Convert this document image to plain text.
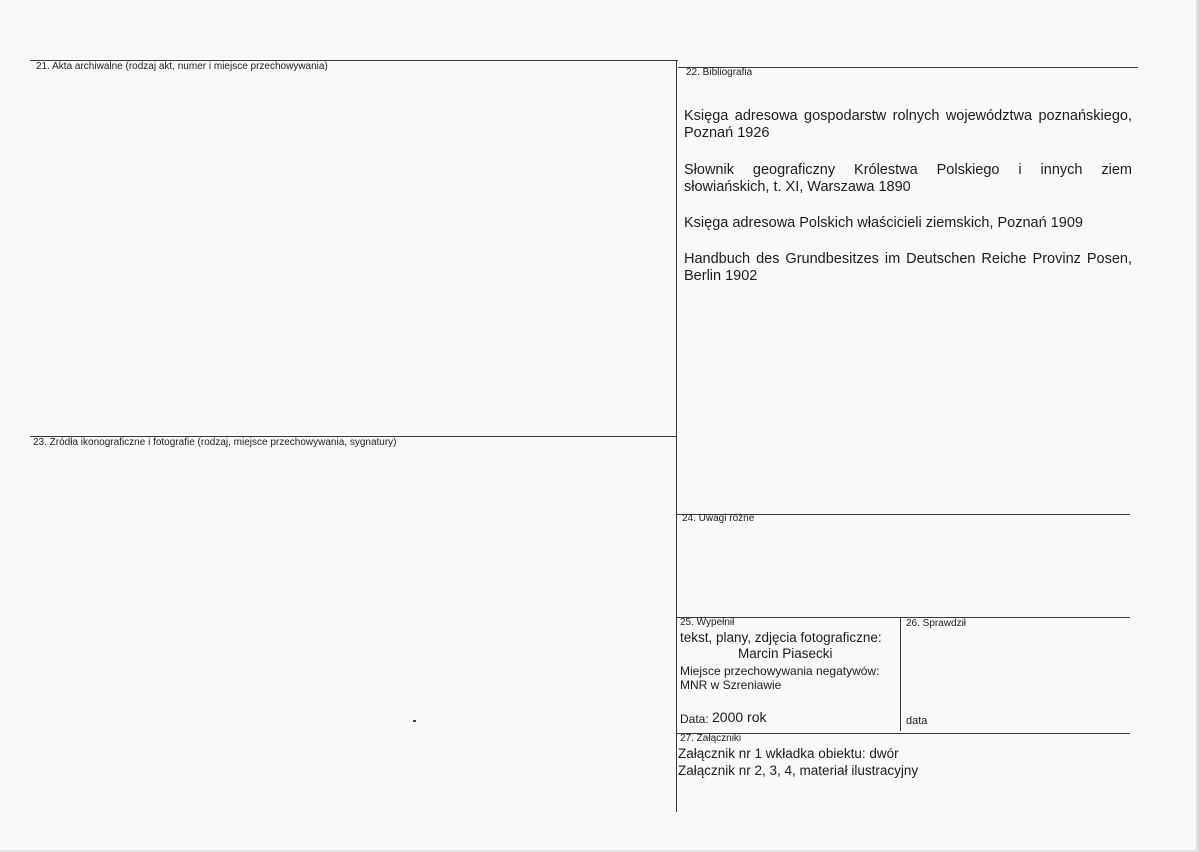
21. Akta archiwalne (rodzaj akt, numer i miejsce przechowywania)
22. Bibliografia
Księga adresowa gospodarstw rolnych województwa poznańskiego, Poznań 1926
Słownik geograficzny Królestwa Polskiego i innych ziem słowiańskich, t. XI, Warszawa 1890
Księga adresowa Polskich właścicieli ziemskich, Poznań 1909
Handbuch des Grundbesitzes im Deutschen Reiche Provinz Posen, Berlin 1902
23. Źródła ikonograficzne i fotografie (rodzaj, miejsce przechowywania, sygnatury)
24. Uwagi różne
25. Wypełnił
tekst, plany, zdjęcia fotograficzne:
Marcin Piasecki
Miejsce przechowywania negatywów:
MNR w Szreniawie
Data: 2000 rok
26. Sprawdził
data
27. Załączniki
Załącznik nr 1 wkładka obiektu: dwór
Załącznik nr 2, 3, 4, materiał ilustracyjny
